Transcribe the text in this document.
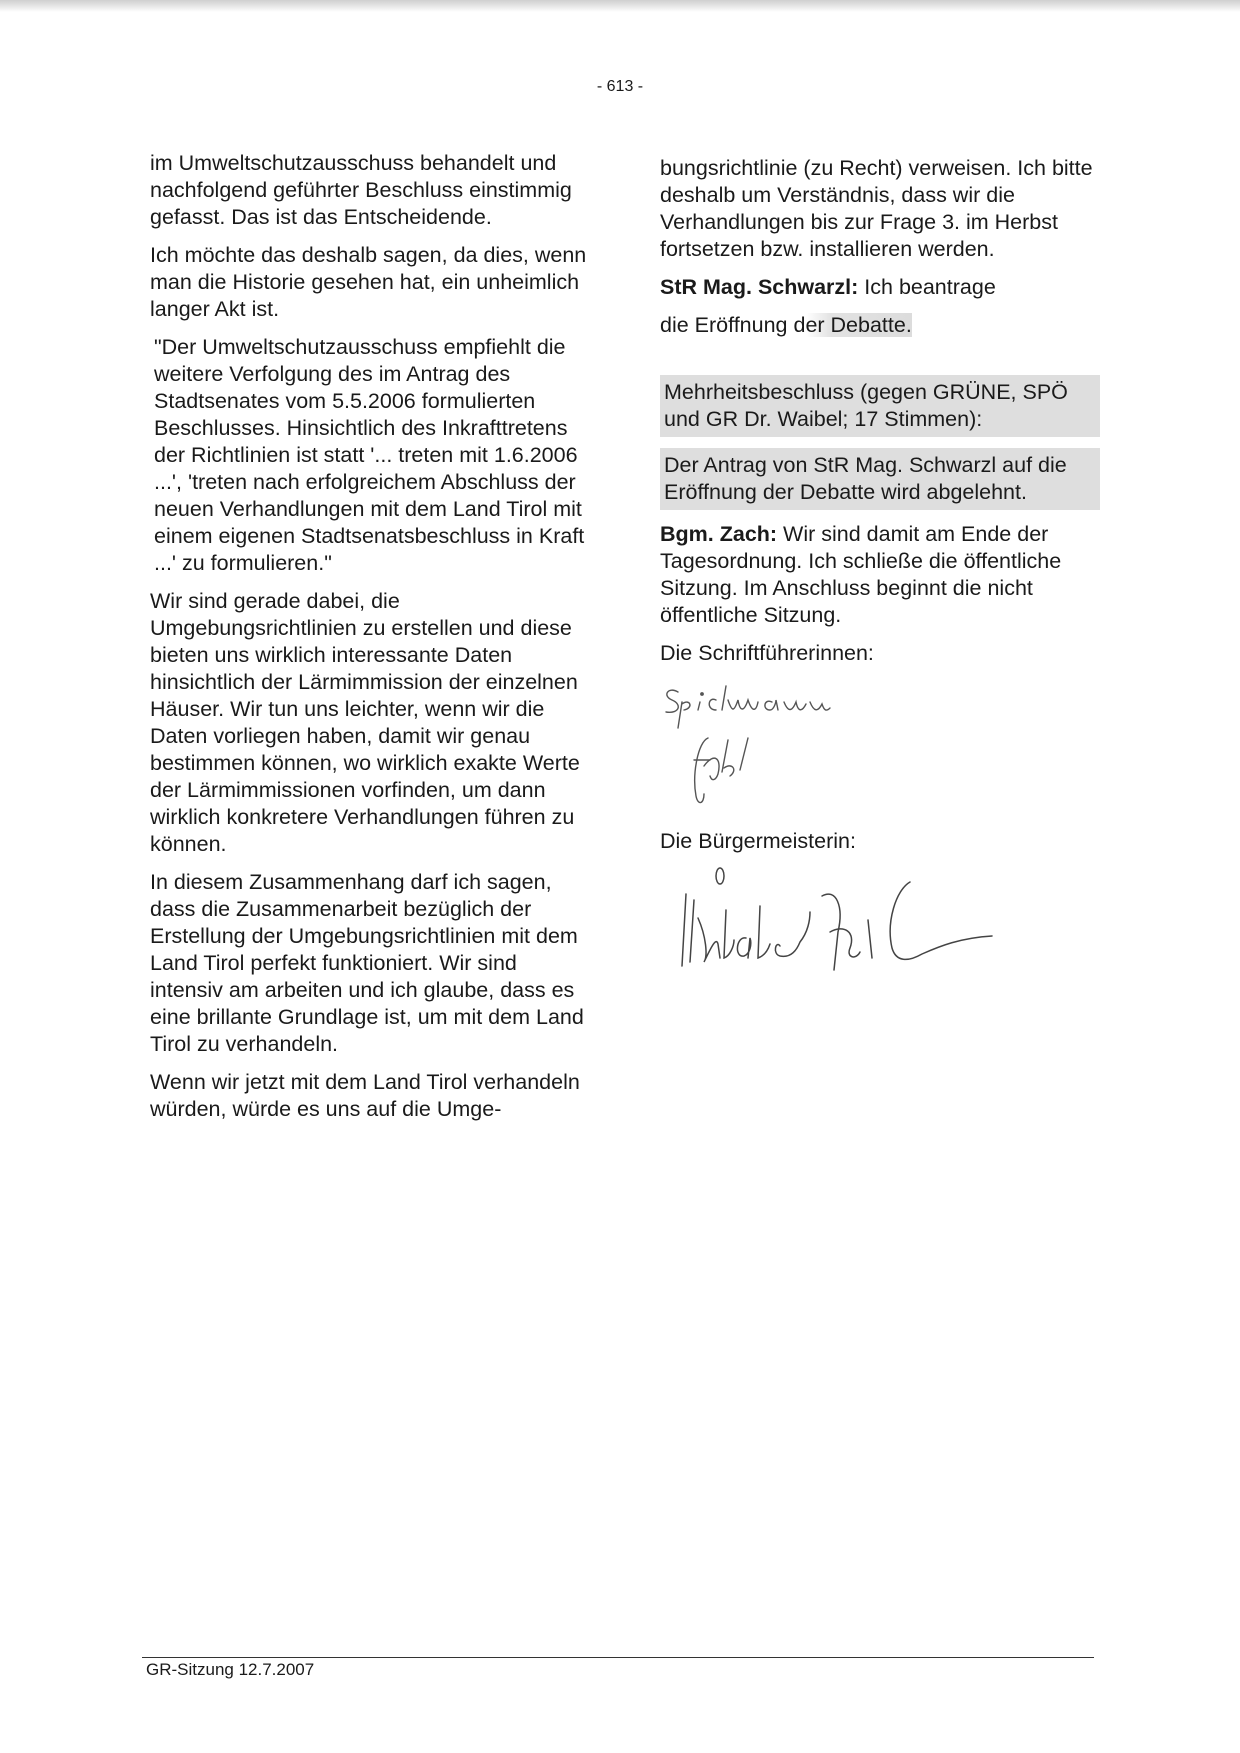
- 613 -

im Umweltschutzausschuss behandelt und nachfolgend geführter Beschluss einstimmig gefasst. Das ist das Entscheidende.

Ich möchte das deshalb sagen, da dies, wenn man die Historie gesehen hat, ein unheimlich langer Akt ist.

"Der Umweltschutzausschuss empfiehlt die weitere Verfolgung des im Antrag des Stadtsenates vom 5.5.2006 formulierten Beschlusses. Hinsichtlich des Inkrafttretens der Richtlinien ist statt '... treten mit 1.6.2006 ...', 'treten nach erfolgreichem Abschluss der neuen Verhandlungen mit dem Land Tirol mit einem eigenen Stadtsenatsbeschluss in Kraft ...' zu formulieren."

Wir sind gerade dabei, die Umgebungsrichtlinien zu erstellen und diese bieten uns wirklich interessante Daten hinsichtlich der Lärmimmission der einzelnen Häuser. Wir tun uns leichter, wenn wir die Daten vorliegen haben, damit wir genau bestimmen können, wo wirklich exakte Werte der Lärmimmissionen vorfinden, um dann wirklich konkretere Verhandlungen führen zu können.

In diesem Zusammenhang darf ich sagen, dass die Zusammenarbeit bezüglich der Erstellung der Umgebungsrichtlinien mit dem Land Tirol perfekt funktioniert. Wir sind intensiv am arbeiten und ich glaube, dass es eine brillante Grundlage ist, um mit dem Land Tirol zu verhandeln.

Wenn wir jetzt mit dem Land Tirol verhandeln würden, würde es uns auf die Umge-

bungsrichtlinie (zu Recht) verweisen. Ich bitte deshalb um Verständnis, dass wir die Verhandlungen bis zur Frage 3. im Herbst fortsetzen bzw. installieren werden.

StR Mag. Schwarzl: Ich beantrage

die Eröffnung der Debatte.

Mehrheitsbeschluss (gegen GRÜNE, SPÖ und GR Dr. Waibel; 17 Stimmen):

Der Antrag von StR Mag. Schwarzl auf die Eröffnung der Debatte wird abgelehnt.

Bgm. Zach: Wir sind damit am Ende der Tagesordnung. Ich schließe die öffentliche Sitzung. Im Anschluss beginnt die nicht öffentliche Sitzung.

Die Schriftführerinnen:

Die Bürgermeisterin:

GR-Sitzung 12.7.2007
